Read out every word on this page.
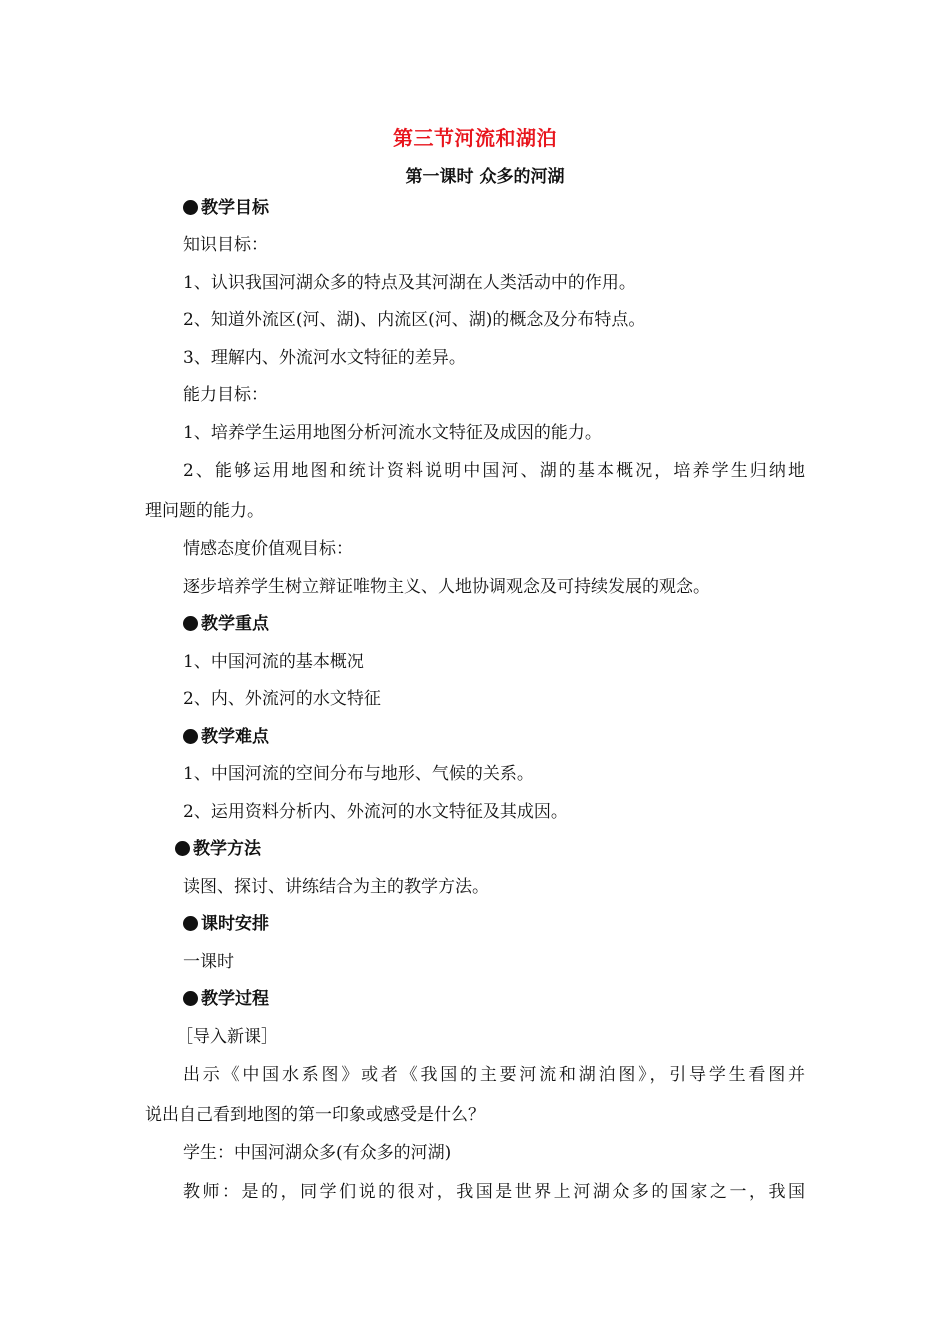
第三节河流和湖泊
第一课时 众多的河湖
教学目标
知识目标：
1、认识我国河湖众多的特点及其河湖在人类活动中的作用。
2、知道外流区(河、湖)、内流区(河、湖)的概念及分布特点。
3、理解内、外流河水文特征的差异。
能力目标：
1、培养学生运用地图分析河流水文特征及成因的能力。
2、能够运用地图和统计资料说明中国河、湖的基本概况，培养学生归纳地
理问题的能力。
情感态度价值观目标：
逐步培养学生树立辩证唯物主义、人地协调观念及可持续发展的观念。
教学重点
1、中国河流的基本概况
2、内、外流河的水文特征
教学难点
1、中国河流的空间分布与地形、气候的关系。
2、运用资料分析内、外流河的水文特征及其成因。
教学方法
读图、探讨、讲练结合为主的教学方法。
课时安排
一课时
教学过程
［导入新课］
出示《中国水系图》或者《我国的主要河流和湖泊图》，引导学生看图并
说出自己看到地图的第一印象或感受是什么？
学生：中国河湖众多(有众多的河湖)
教师：是的，同学们说的很对，我国是世界上河湖众多的国家之一，我国
